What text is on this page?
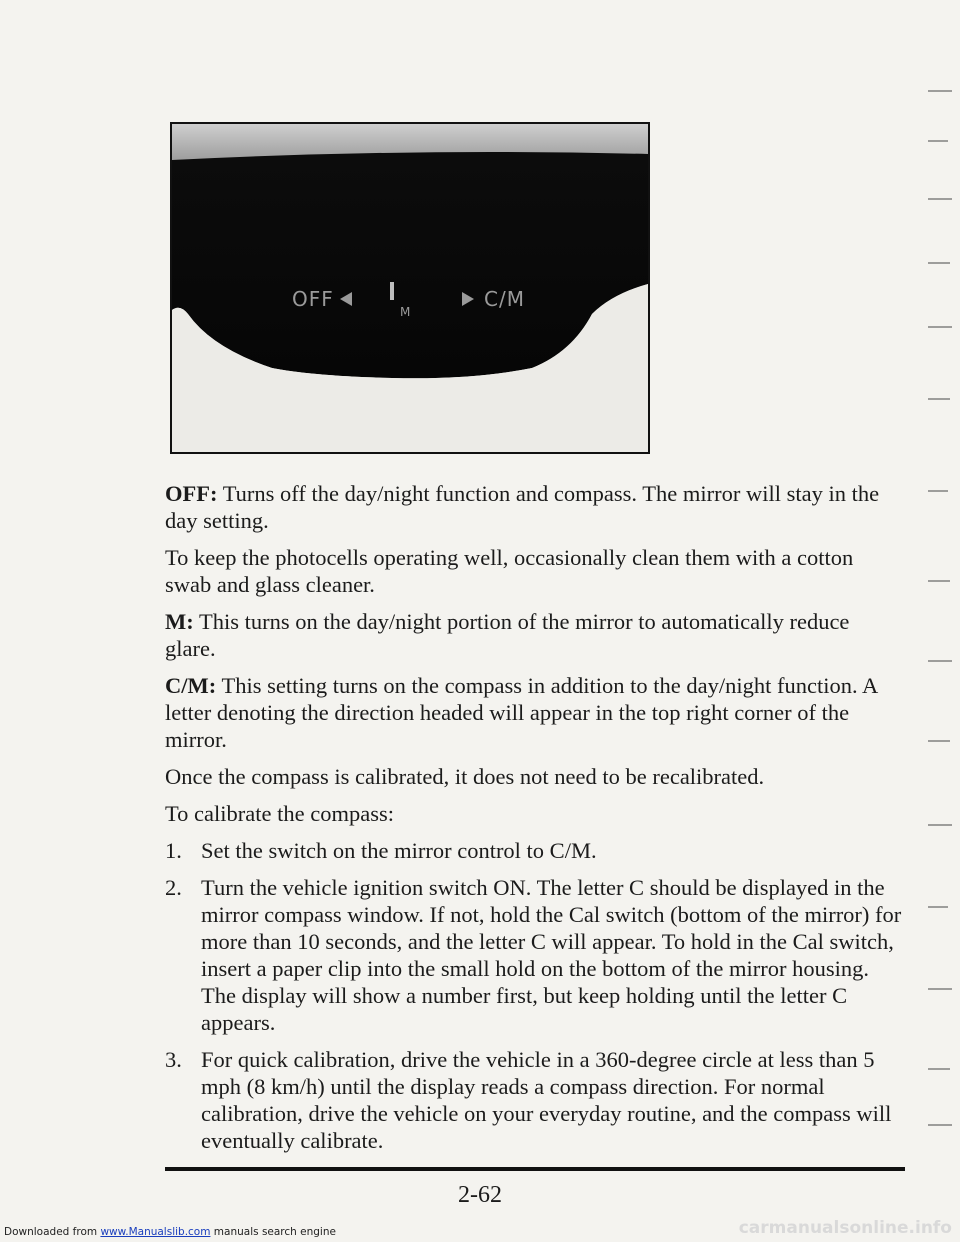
OFF
M
C/M

OFF: Turns off the day/night function and compass. The mirror will stay in the day setting.

To keep the photocells operating well, occasionally clean them with a cotton swab and glass cleaner.

M: This turns on the day/night portion of the mirror to automatically reduce glare.

C/M: This setting turns on the compass in addition to the day/night function. A letter denoting the direction headed will appear in the top right corner of the mirror.

Once the compass is calibrated, it does not need to be recalibrated.

To calibrate the compass:

1. Set the switch on the mirror control to C/M.
2. Turn the vehicle ignition switch ON. The letter C should be displayed in the mirror compass window. If not, hold the Cal switch (bottom of the mirror) for more than 10 seconds, and the letter C will appear. To hold in the Cal switch, insert a paper clip into the small hold on the bottom of the mirror housing. The display will show a number first, but keep holding until the letter C appears.
3. For quick calibration, drive the vehicle in a 360-degree circle at less than 5 mph (8 km/h) until the display reads a compass direction. For normal calibration, drive the vehicle on your everyday routine, and the compass will eventually calibrate.
2-62
Downloaded from www.Manualslib.com manuals search engine	carmanualsonline.info
